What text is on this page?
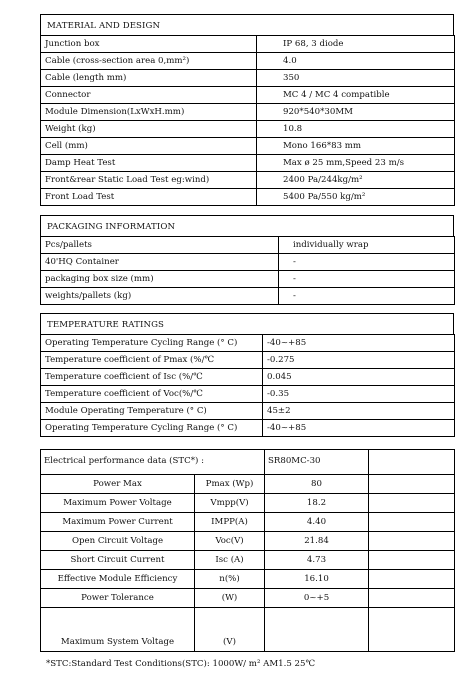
MATERIAL AND DESIGN
Junction box	IP 68, 3 diode
Cable (cross-section area 0,mm²)	4.0
Cable (length mm)	350
Connector	MC 4 / MC 4 compatible
Module Dimension(LxWxH.mm)	920*540*30MM
Weight (kg)	10.8
Cell (mm)	Mono 166*83 mm
Damp Heat Test	Max ø 25 mm,Speed 23 m/s
Front&rear Static Load Test eg:wind)	2400 Pa/244kg/m²
Front Load Test	5400 Pa/550 kg/m²
PACKAGING INFORMATION
Pcs/pallets	individually wrap
40'HQ Container	-
packaging box size (mm)	-
weights/pallets (kg)	-
TEMPERATURE RATINGS
Operating Temperature Cycling Range (° C)	-40~+85
Temperature coefficient of Pmax (%/℃	-0.275
Temperature coefficient of Isc (%/℃	0.045
Temperature coefficient of Voc(%/℃	-0.35
Module Operating Temperature (° C)	45±2
Operating Temperature Cycling Range (° C)	-40~+85
Electrical performance data (STC*) :		SR80MC-30	
Power Max	Pmax (Wp)	80	
Maximum Power Voltage	Vmpp(V)	18.2	
Maximum Power Current	IMPP(A)	4.40	
Open Circuit Voltage	Voc(V)	21.84	
Short Circuit Current	Isc (A)	4.73	
Effective Module Efficiency	n(%)	16.10	
Power Tolerance	(W)	0~+5	
Maximum System Voltage	(V)		
*STC:Standard Test Conditions(STC): 1000W/ m² AM1.5 25℃
